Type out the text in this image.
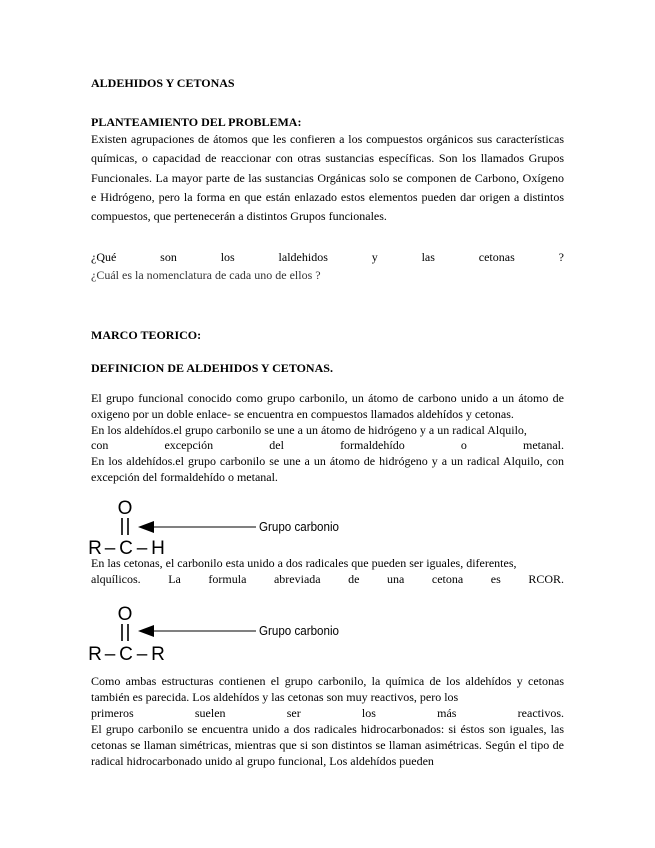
ALDEHIDOS Y CETONAS
PLANTEAMIENTO DEL PROBLEMA:
Existen agrupaciones de átomos que les confieren a los compuestos orgánicos sus características químicas, o capacidad de reaccionar con otras sustancias específicas. Son los llamados Grupos Funcionales. La mayor parte de las sustancias Orgánicas solo se componen de Carbono, Oxígeno e Hidrógeno, pero la forma en que están enlazado estos elementos pueden dar origen a distintos compuestos, que pertenecerán a distintos Grupos funcionales.
¿Qué	son	los	laldehidos	y	las	cetonas	?
¿Cuál es la nomenclatura de cada uno de ellos ?
MARCO TEORICO:
DEFINICION DE ALDEHIDOS Y CETONAS.
El grupo funcional conocido como grupo carbonilo, un átomo de carbono unido a un átomo de oxigeno por un doble enlace- se encuentra en compuestos llamados aldehídos y cetonas.
En los aldehídos.el grupo carbonilo se une a un átomo de hidrógeno y a un radical Alquilo,
con excepción del formaldehído o metanal.
En los aldehídos.el grupo carbonilo se une a un átomo de hidrógeno y a un radical Alquilo, con excepción del formaldehído o metanal.
O
R – C – H
Grupo carbonio
En las cetonas, el carbonilo esta unido a dos radicales que pueden ser iguales, diferentes,
alquílicos. La formula abreviada de una cetona es RCOR.
O
R – C – R
Grupo carbonio
Como ambas estructuras contienen el grupo carbonilo, la química de los aldehídos y cetonas también es parecida. Los aldehídos y las cetonas son muy reactivos, pero los
primeros suelen ser los más reactivos.
El grupo carbonilo se encuentra unido a dos radicales hidrocarbonados: si éstos son iguales, las cetonas se llaman simétricas, mientras que si son distintos se llaman asimétricas. Según el tipo de radical hidrocarbonado unido al grupo funcional, Los aldehídos pueden
